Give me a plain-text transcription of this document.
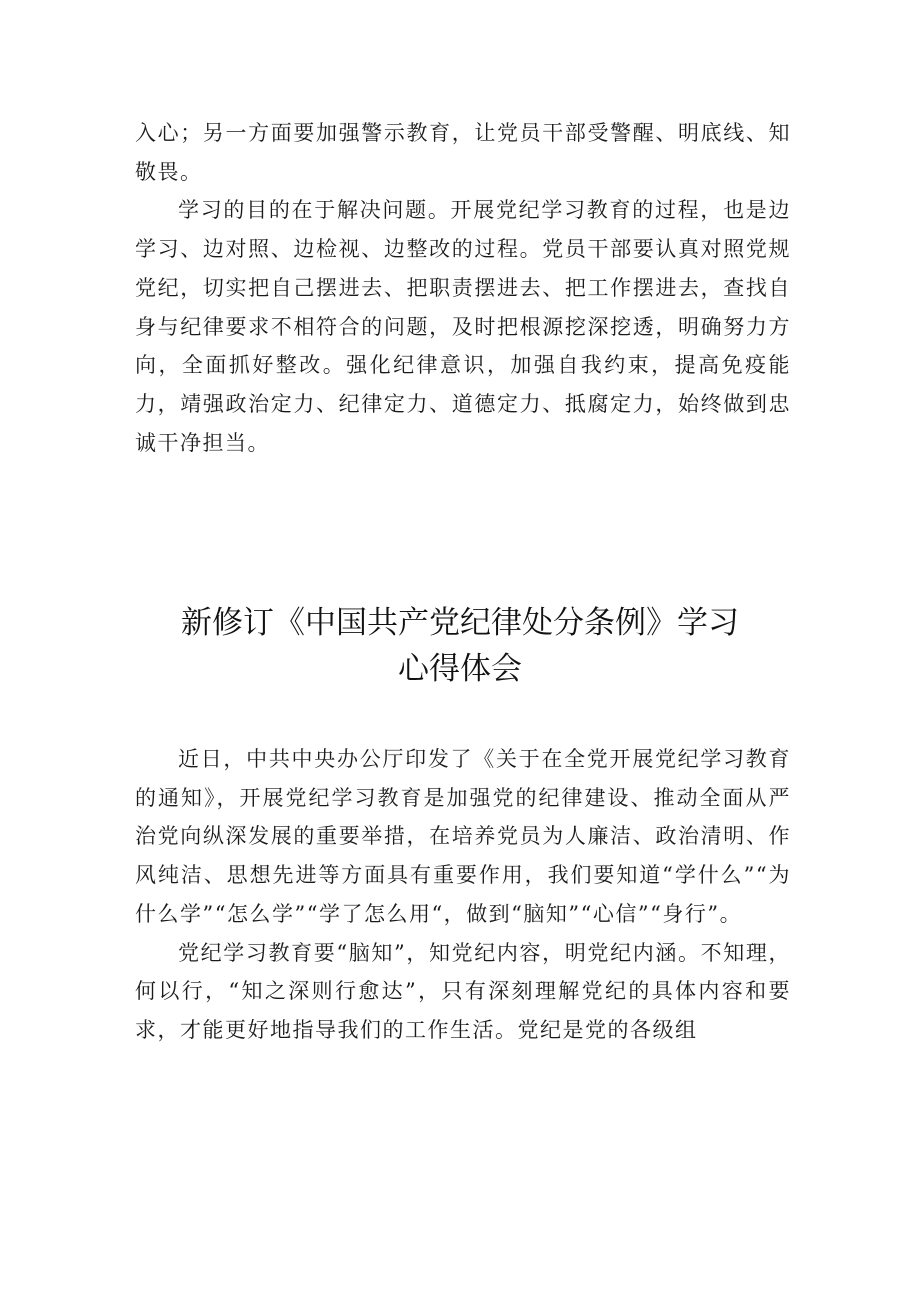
入心；另一方面要加强警示教育，让党员干部受警醒、明底线、知敬畏。

学习的目的在于解决问题。开展党纪学习教育的过程，也是边学习、边对照、边检视、边整改的过程。党员干部要认真对照党规党纪，切实把自己摆进去、把职责摆进去、把工作摆进去，查找自身与纪律要求不相符合的问题，及时把根源挖深挖透，明确努力方向，全面抓好整改。强化纪律意识，加强自我约束，提高免疫能力，靖强政治定力、纪律定力、道德定力、抵腐定力，始终做到忠诚干净担当。

新修订《中国共产党纪律处分条例》学习
心得体会

近日，中共中央办公厅印发了《关于在全党开展党纪学习教育的通知》，开展党纪学习教育是加强党的纪律建设、推动全面从严治党向纵深发展的重要举措，在培养党员为人廉洁、政治清明、作风纯洁、思想先进等方面具有重要作用，我们要知道“学什么”“为什么学”“怎么学”“学了怎么用“，做到“脑知”“心信”“身行”。

党纪学习教育要“脑知”，知党纪内容，明党纪内涵。不知理，何以行，“知之深则行愈达”，只有深刻理解党纪的具体内容和要求，才能更好地指导我们的工作生活。党纪是党的各级组
